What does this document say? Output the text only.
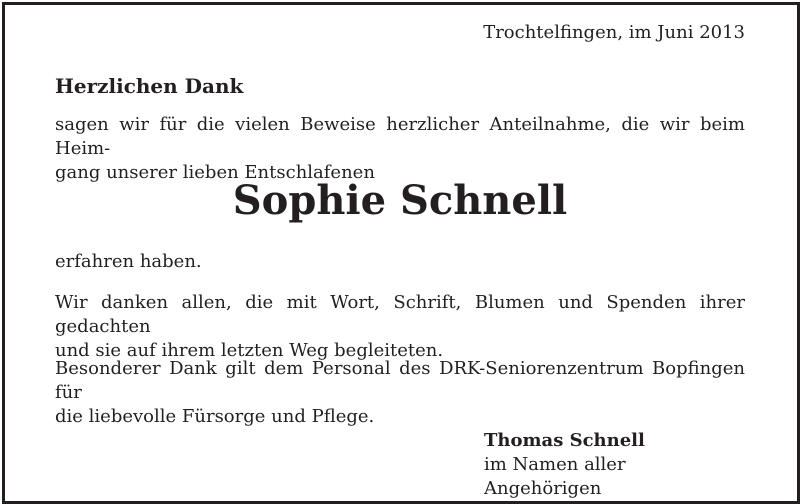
Trochtelfingen, im Juni 2013
Herzlichen Dank
sagen wir für die vielen Beweise herzlicher Anteilnahme, die wir beim Heim-
gang unserer lieben Entschlafenen
Sophie Schnell
erfahren haben.
Wir danken allen, die mit Wort, Schrift, Blumen und Spenden ihrer gedachten
und sie auf ihrem letzten Weg begleiteten.
Besonderer Dank gilt dem Personal des DRK-Seniorenzentrum Bopfingen für
die liebevolle Fürsorge und Pflege.
Thomas Schnell
im Namen aller Angehörigen
